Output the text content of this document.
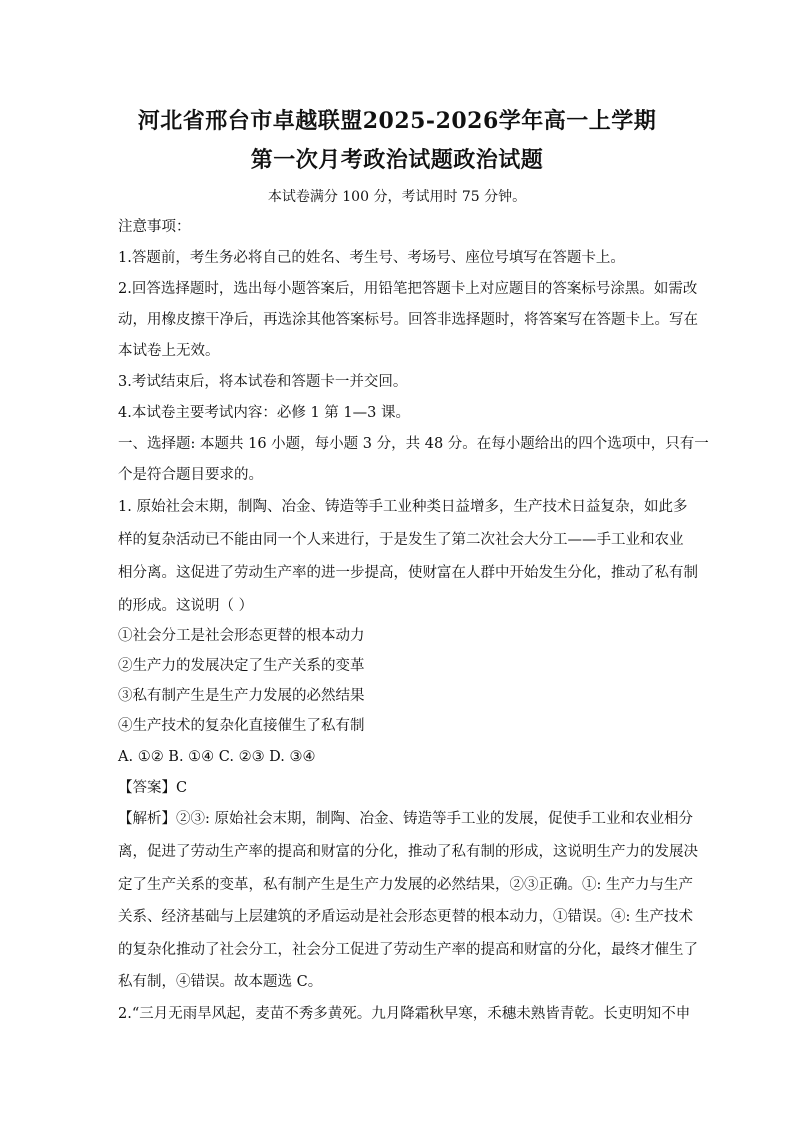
河北省邢台市卓越联盟2025-2026学年高一上学期
第一次月考政治试题政治试题
本试卷满分 100 分，考试用时 75 分钟。
注意事项：
1.答题前，考生务必将自己的姓名、考生号、考场号、座位号填写在答题卡上。
2.回答选择题时，选出每小题答案后，用铅笔把答题卡上对应题目的答案标号涂黑。如需改
动，用橡皮擦干净后，再选涂其他答案标号。回答非选择题时，将答案写在答题卡上。写在
本试卷上无效。
3.考试结束后，将本试卷和答题卡一并交回。
4.本试卷主要考试内容：必修 1 第 1—3 课。
一、选择题: 本题共 16 小题，每小题 3 分，共 48 分。在每小题给出的四个选项中，只有一
个是符合题目要求的。
1. 原始社会末期，制陶、冶金、铸造等手工业种类日益增多，生产技术日益复杂，如此多
样的复杂活动已不能由同一个人来进行，于是发生了第二次社会大分工——手工业和农业
相分离。这促进了劳动生产率的进一步提高，使财富在人群中开始发生分化，推动了私有制
的形成。这说明（ ）
①社会分工是社会形态更替的根本动力
②生产力的发展决定了生产关系的变革
③私有制产生是生产力发展的必然结果
④生产技术的复杂化直接催生了私有制
A. ①② B. ①④ C. ②③ D. ③④
【答案】C
【解析】②③: 原始社会末期，制陶、冶金、铸造等手工业的发展，促使手工业和农业相分
离，促进了劳动生产率的提高和财富的分化，推动了私有制的形成，这说明生产力的发展决
定了生产关系的变革，私有制产生是生产力发展的必然结果，②③正确。①: 生产力与生产
关系、经济基础与上层建筑的矛盾运动是社会形态更替的根本动力，①错误。④: 生产技术
的复杂化推动了社会分工，社会分工促进了劳动生产率的提高和财富的分化，最终才催生了
私有制，④错误。故本题选 C。
2.“三月无雨旱风起，麦苗不秀多黄死。九月降霜秋早寒，禾穗未熟皆青乾。长吏明知不申
